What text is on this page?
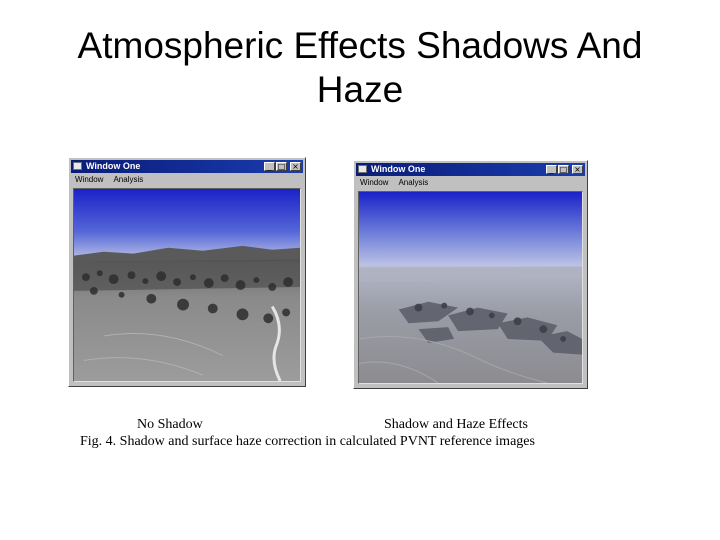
Atmospheric Effects Shadows And
Haze
Window One	_ □ ×
Window Analysis
Window One	_ □ ×
Window Analysis
No Shadow	Shadow and Haze Effects
Fig. 4. Shadow and surface haze correction in calculated PVNT reference images
